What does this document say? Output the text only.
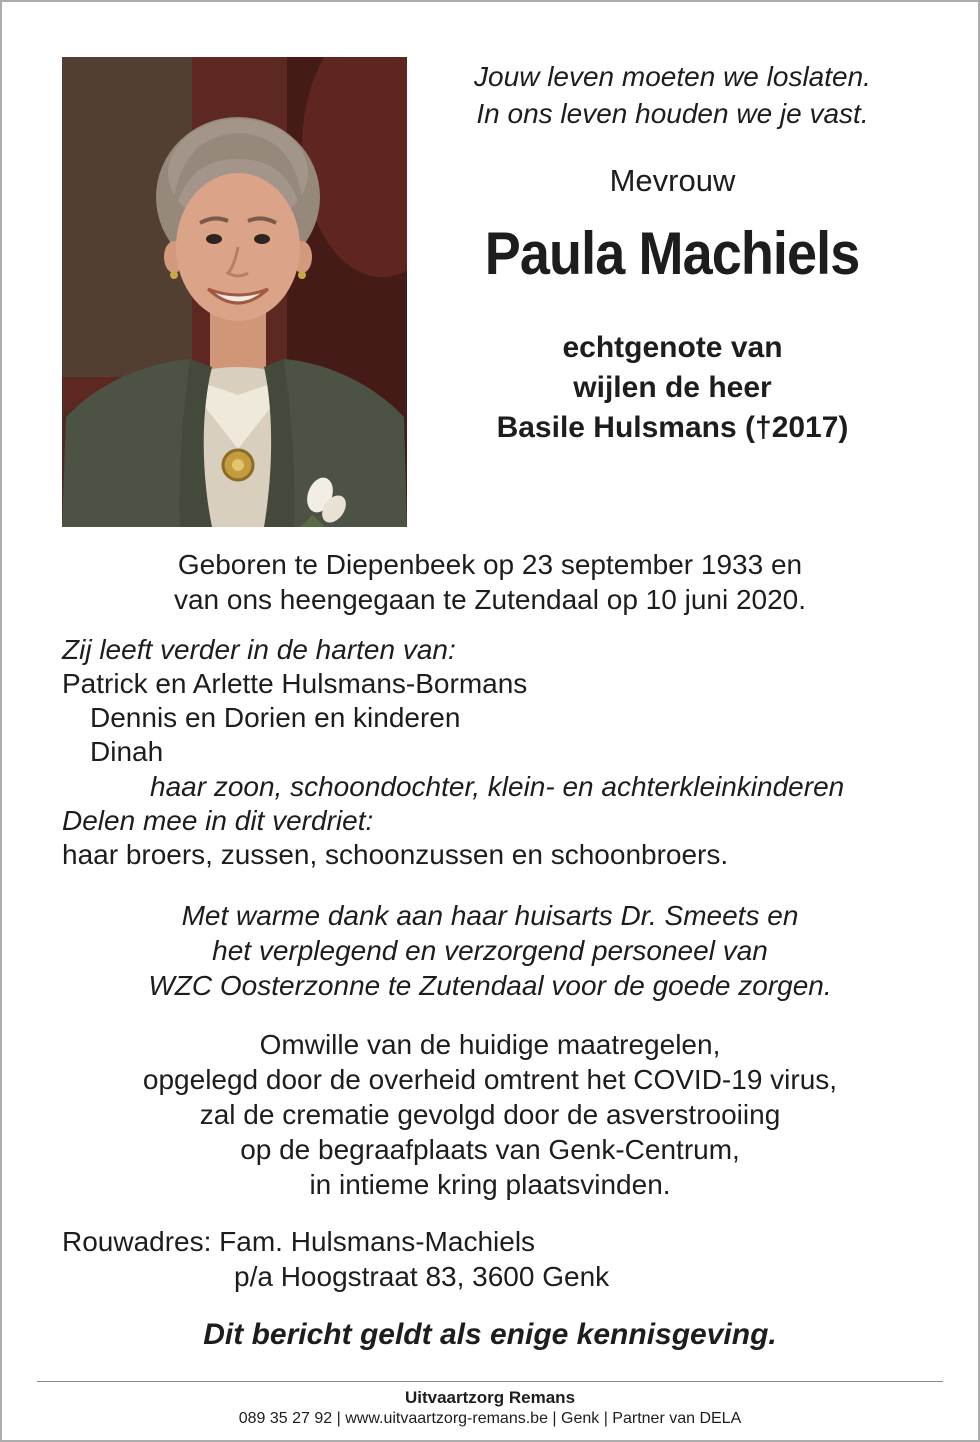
Jouw leven moeten we loslaten.
In ons leven houden we je vast.
Mevrouw
Paula Machiels
echtgenote van
wijlen de heer
Basile Hulsmans (†2017)
Geboren te Diepenbeek op 23 september 1933 en
van ons heengegaan te Zutendaal op 10 juni 2020.
Zij leeft verder in de harten van:
Patrick en Arlette Hulsmans-Bormans
Dennis en Dorien en kinderen
Dinah
haar zoon, schoondochter, klein- en achterkleinkinderen
Delen mee in dit verdriet:
haar broers, zussen, schoonzussen en schoonbroers.
Met warme dank aan haar huisarts Dr. Smeets en
het verplegend en verzorgend personeel van
WZC Oosterzonne te Zutendaal voor de goede zorgen.
Omwille van de huidige maatregelen,
opgelegd door de overheid omtrent het COVID-19 virus,
zal de crematie gevolgd door de asverstrooiing
op de begraafplaats van Genk-Centrum,
in intieme kring plaatsvinden.
Rouwadres: Fam. Hulsmans-Machiels
p/a Hoogstraat 83, 3600 Genk
Dit bericht geldt als enige kennisgeving.
Uitvaartzorg Remans
089 35 27 92 | www.uitvaartzorg-remans.be | Genk | Partner van DELA
